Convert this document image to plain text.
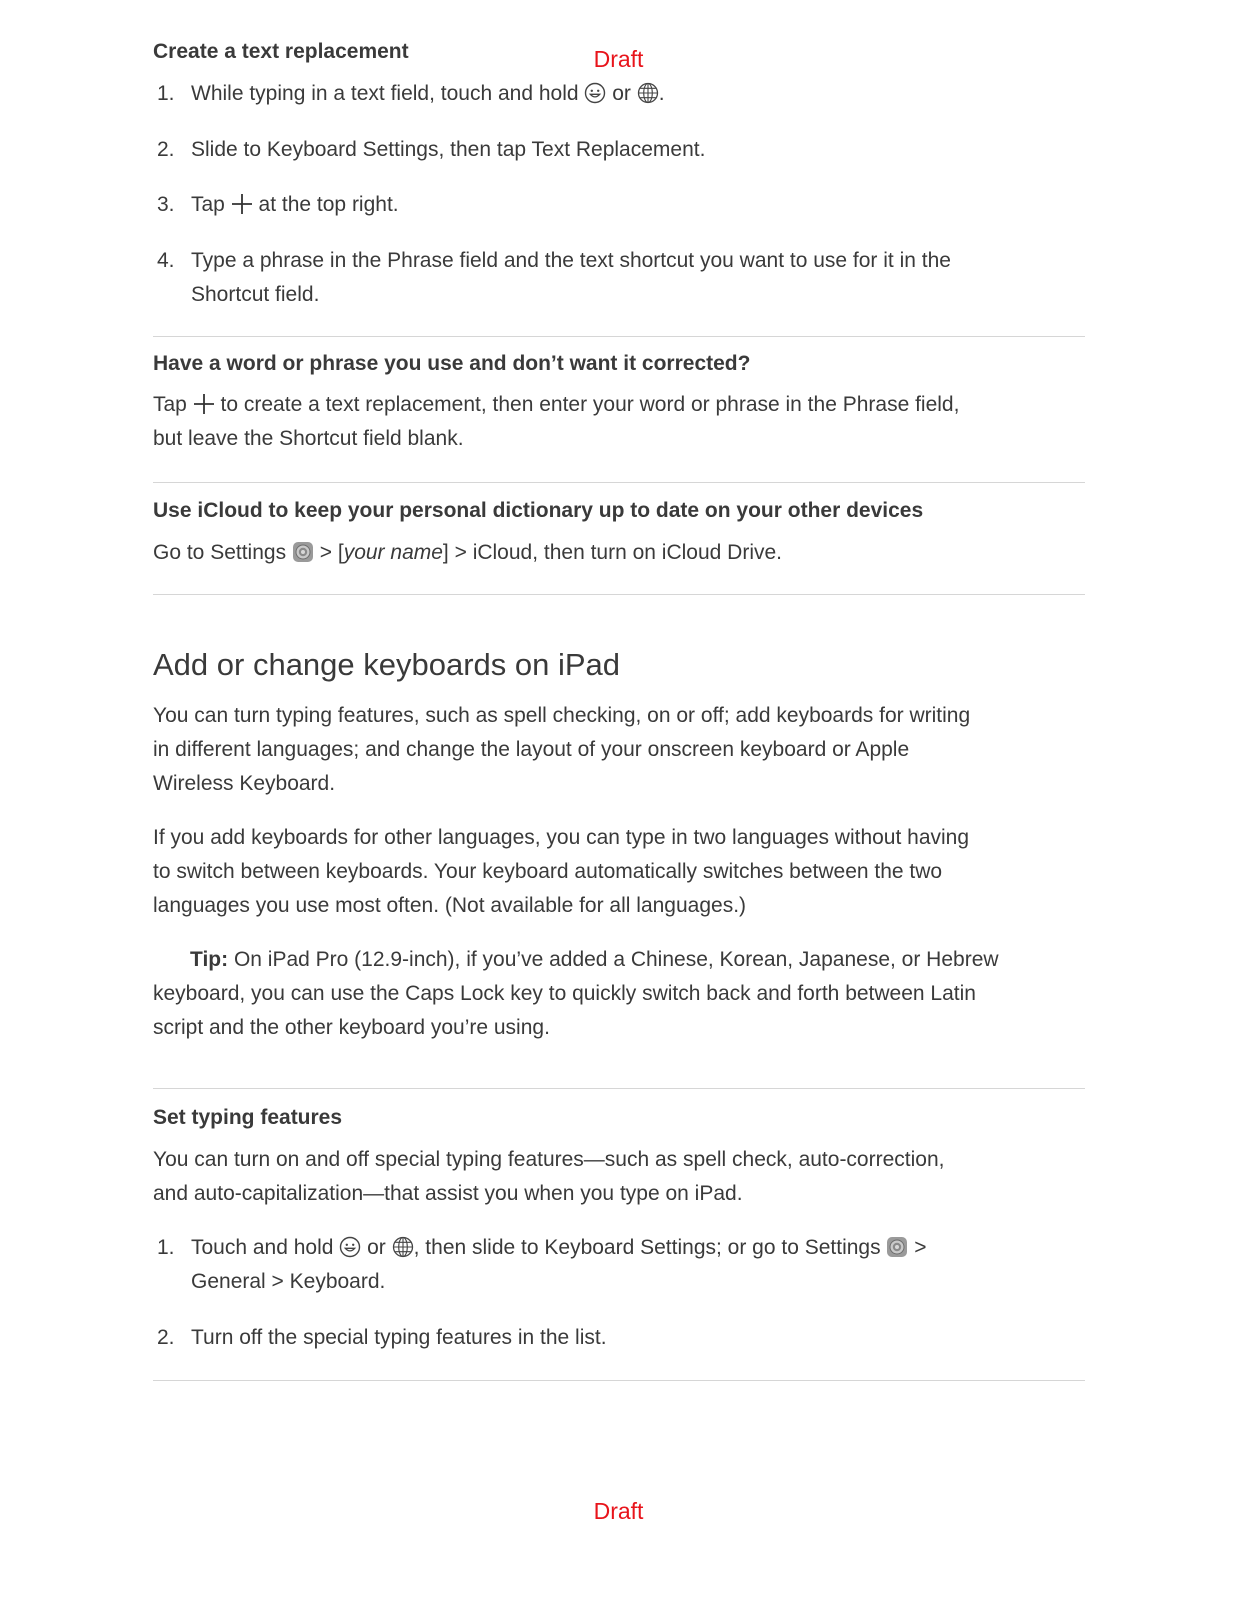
Draft
Create a text replacement
1. While typing in a text field, touch and hold  or .
2. Slide to Keyboard Settings, then tap Text Replacement.
3. Tap  at the top right.
4. Type a phrase in the Phrase field and the text shortcut you want to use for it in the
Shortcut field.
Have a word or phrase you use and don’t want it corrected?

Tap  to create a text replacement, then enter your word or phrase in the Phrase field,
but leave the Shortcut field blank.

Use iCloud to keep your personal dictionary up to date on your other devices

Go to Settings  > [your name] > iCloud, then turn on iCloud Drive.

Add or change keyboards on iPad

You can turn typing features, such as spell checking, on or off; add keyboards for writing
in different languages; and change the layout of your onscreen keyboard or Apple
Wireless Keyboard.

If you add keyboards for other languages, you can type in two languages without having
to switch between keyboards. Your keyboard automatically switches between the two
languages you use most often. (Not available for all languages.)

Tip: On iPad Pro (12.9-inch), if you’ve added a Chinese, Korean, Japanese, or Hebrew
keyboard, you can use the Caps Lock key to quickly switch back and forth between Latin
script and the other keyboard you’re using.

Set typing features

You can turn on and off special typing features—such as spell check, auto-correction,
and auto-capitalization—that assist you when you type on iPad.

1. Touch and hold  or , then slide to Keyboard Settings; or go to Settings  >
General > Keyboard.
2. Turn off the special typing features in the list.
Draft
